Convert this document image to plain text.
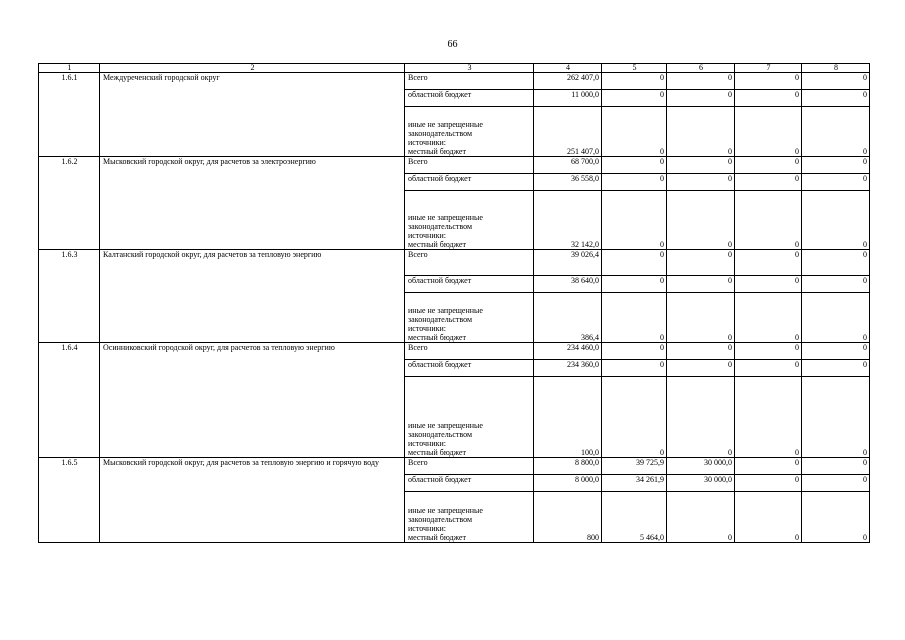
66
1	2	3	4	5	6	7	8
1.6.1	Междуреченский городской округ	Всего	262 407,0	0	0	0	0

		областной бюджет	11 000,0	0	0	0	0

		иные не запрещенные
законодательством
источники:
местный бюджет	251 407,0	0	0	0	0
1.6.2	Мысковский городской округ, для расчетов за электроэнергию	Всего	68 700,0	0	0	0	0

		областной бюджет	36 558,0	0	0	0	0

		иные не запрещенные
законодательством
источники:
местный бюджет	32 142,0	0	0	0	0
1.6.3	Калтанский городской округ, для расчетов за тепловую энергию	Всего	39 026,4	0	0	0	0

		областной бюджет	38 640,0	0	0	0	0

		иные не запрещенные
законодательством
источники:
местный бюджет	386,4	0	0	0	0
1.6.4	Осинниковский городской округ, для расчетов за тепловую энергию	Всего	234 460,0	0	0	0	0

		областной бюджет	234 360,0	0	0	0	0

		иные не запрещенные
законодательством
источники:
местный бюджет	100,0	0	0	0	0
1.6.5	Мысковский городской округ, для расчетов за тепловую энергию и горячую воду	Всего	8 800,0	39 725,9	30 000,0	0	0

		областной бюджет	8 000,0	34 261,9	30 000,0	0	0

		иные не запрещенные
законодательством
источники:
местный бюджет	800	5 464,0	0	0	0
